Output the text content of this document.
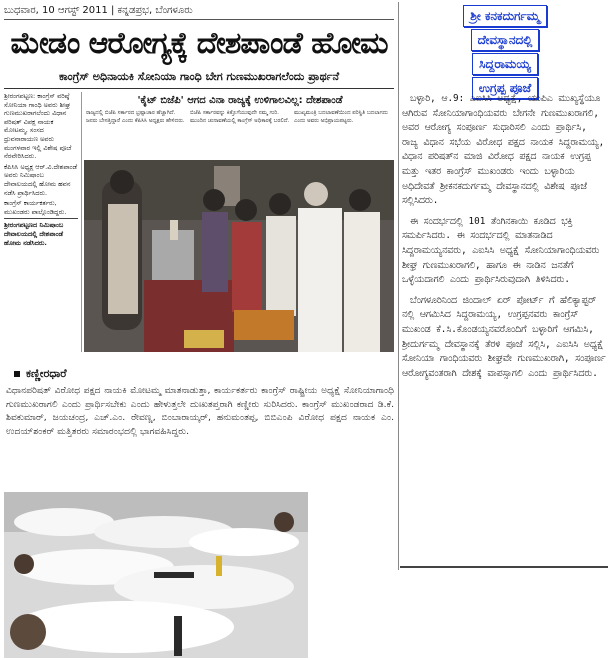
ಬುಧವಾರ, 10 ಆಗಸ್ಟ್ 2011 | ಕನ್ನಡಪ್ರಭ, ಬೆಂಗಳೂರು
ಮೇಡಂ ಆರೋಗ್ಯಕ್ಕೆ ದೇಶಪಾಂಡೆ ಹೋಮ
ಕಾಂಗ್ರೆಸ್ ಅಧಿನಾಯಕಿ ಸೋನಿಯಾ ಗಾಂಧಿ ಬೇಗ ಗುಣಮುಖರಾಗಲೆಂದು ಪ್ರಾರ್ಥನೆ

ಶ್ರೀರಂಗಪಟ್ಟಣ: ಕಾಂಗ್ರೆಸ್ ವರಿಷ್ಠೆ ಸೋನಿಯಾ ಗಾಂಧಿ ಅವರು ಶೀಘ್ರ ಗುಣಮುಖರಾಗಲೆಂದು ವಿಧಾನ ಪರಿಷತ್ ವಿಪಕ್ಷ ನಾಯಕ ಮೋಟಮ್ಮ, ಸಂಸದ ಧ್ರುವನಾರಾಯಣ ಅವರು ಮಂಗಳವಾರ ಇಲ್ಲಿ ವಿಶೇಷ ಪೂಜೆ ನೆರವೇರಿಸಿದರು.

ಕೆಪಿಸಿಸಿ ಅಧ್ಯಕ್ಷ ಆರ್.ವಿ.ದೇಶಪಾಂಡೆ ಅವರು ನಿಮಿಷಾಂಬ ದೇವಾಲಯದಲ್ಲಿ ಹೋಮ ಹವನ ನಡೆಸಿ ಪ್ರಾರ್ಥಿಸಿದರು.

ಕಾಂಗ್ರೆಸ್ ಕಾರ್ಯಕರ್ತರು, ಮುಖಂಡರು ಪಾಲ್ಗೊಂಡಿದ್ದರು.

ಶ್ರೀರಂಗಪಟ್ಟಣದ ನಿಮಿಷಾಂಬ ದೇವಾಲಯದಲ್ಲಿ ದೇಶಪಾಂಡೆ ಹೋಮ ನಡೆಸಿದರು.

'ಕೈಟ್ ಬಿಜೆಪಿ' ಆಗದ ವಿನಾ ರಾಜ್ಯಕ್ಕೆ ಉಳಿಗಾಲವಿಲ್ಲ: ದೇಶಪಾಂಡೆ
ರಾಜ್ಯದಲ್ಲಿ ಬಿಜೆಪಿ ಸರ್ಕಾರದ ಭ್ರಷ್ಟಾಚಾರ ಹೆಚ್ಚಾಗಿದೆ. ಜನರು ಬೇಸತ್ತಿದ್ದಾರೆ ಎಂದು ಕೆಪಿಸಿಸಿ ಅಧ್ಯಕ್ಷರು ಹೇಳಿದರು.
ಬಿಜೆಪಿ ಸರ್ಕಾರವನ್ನು ಕಿತ್ತೊಗೆಯುವುದೇ ನಮ್ಮ ಗುರಿ. ಮುಂದಿನ ಚುನಾವಣೆಯಲ್ಲಿ ಕಾಂಗ್ರೆಸ್ ಅಧಿಕಾರಕ್ಕೆ ಬರಲಿದೆ.
ಮುಖ್ಯಮಂತ್ರಿ ಬದಲಾವಣೆಯಿಂದ ಪರಿಸ್ಥಿತಿ ಬದಲಾಗದು ಎಂದು ಅವರು ಅಭಿಪ್ರಾಯಪಟ್ಟರು.
ಕಣ್ಣೀರಧಾರೆ
ವಿಧಾನಪರಿಷತ್ ವಿರೋಧ ಪಕ್ಷದ ನಾಯಕಿ ಮೋಟಮ್ಮ ಮಾತನಾಡುತ್ತಾ, ಕಾರ್ಯಕರ್ತರು ಕಾಂಗ್ರೆಸ್ ರಾಷ್ಟ್ರೀಯ ಅಧ್ಯಕ್ಷೆ ಸೋನಿಯಾಗಾಂಧಿ ಗುಣಮುಖರಾಗಲಿ ಎಂದು ಪ್ರಾರ್ಥಿಸಬೇಕು ಎಂದು ಹೇಳುತ್ತಲೇ ದುಃಖತಪ್ತರಾಗಿ ಕಣ್ಣೀರು ಸುರಿಸಿದರು. ಕಾಂಗ್ರೆಸ್ ಮುಖಂಡರಾದ ಡಿ.ಕೆ. ಶಿವಕುಮಾರ್, ಜಯಚಂದ್ರ, ಎಚ್.ಎಂ. ರೇವಣ್ಣ, ಬಿಂಬಾರಾಯ್ಕರ್, ಹನುಮಂತಪ್ಪ, ಬಿಬಿಎಂಪಿ ವಿರೋಧ ಪಕ್ಷದ ನಾಯಕ ಎಂ. ಉದಯ್‌ಶಂಕರ್ ಮತ್ತಿತರರು ಸಮಾರಂಭದಲ್ಲಿ ಭಾಗವಹಿಸಿದ್ದರು.
ಶ್ರೀ ಕನಕದುರ್ಗಮ್ಮ
ದೇವಸ್ಥಾನದಲ್ಲಿ
ಸಿದ್ದರಾಮಯ್ಯ
ಉಗ್ರಪ್ಪ ಪೂಜೆ

ಬಳ್ಳಾರಿ, ಆ.9: ಎಐಸಿಸಿ ಅಧ್ಯಕ್ಷೆ, ಯುಪಿಎ ಮುಖ್ಯಸ್ಥೆಯೂ ಆಗಿರುವ ಸೋನಿಯಾಗಾಂಧಿಯವರು ಬೇಗನೇ ಗುಣಮುಖರಾಗಲಿ, ಅವರ ಆರೋಗ್ಯ ಸಂಪೂರ್ಣ ಸುಧಾರಿಸಲಿ ಎಂದು ಪ್ರಾರ್ಥಿಸಿ, ರಾಜ್ಯ ವಿಧಾನ ಸಭೆಯ ವಿರೋಧ ಪಕ್ಷದ ನಾಯಕ ಸಿದ್ದರಾಮಯ್ಯ, ವಿಧಾನ ಪರಿಷತ್‌ನ ಮಾಜಿ ವಿರೋಧ ಪಕ್ಷದ ನಾಯಕ ಉಗ್ರಪ್ಪ ಮತ್ತು ಇತರ ಕಾಂಗ್ರೆಸ್ ಮುಖಂಡರು ಇಂದು ಬಳ್ಳಾರಿಯ ಅಧಿದೇವತೆ ಶ್ರೀಕನಕದುರ್ಗಮ್ಮ ದೇವಸ್ಥಾನದಲ್ಲಿ ವಿಶೇಷ ಪೂಜೆ ಸಲ್ಲಿಸಿದರು.

ಈ ಸಂದರ್ಭದಲ್ಲಿ 101 ತೆಂಗಿನಕಾಯಿ ಕೂಡಿದ ಭಕ್ತಿ ಸಮರ್ಪಿಸಿದರು. ಈ ಸಂದರ್ಭದಲ್ಲಿ ಮಾತನಾಡಿದ ಸಿದ್ದರಾಮಯ್ಯನವರು, ಎಐಸಿಸಿ ಅಧ್ಯಕ್ಷೆ ಸೋನಿಯಾಗಾಂಧಿಯವರು ಶೀಘ್ರ ಗುಣಮುಖರಾಗಲಿ, ಹಾಗೂ ಈ ನಾಡಿನ ಜನತೆಗೆ ಒಳ್ಳೆಯದಾಗಲಿ ಎಂದು ಪ್ರಾರ್ಥಿಸಿರುವುದಾಗಿ ತಿಳಿಸಿದರು.

ಬೆಂಗಳೂರಿನಿಂದ ಜಿಂದಾಲ್ ಏರ್ ಪೋರ್ಟ್ ಗೆ ಹೆಲಿಕ್ಯಾಪ್ಟರ್ ನಲ್ಲಿ ಆಗಮಿಸಿದ ಸಿದ್ದರಾಮಯ್ಯ, ಉಗ್ರಪ್ಪನವರು ಕಾಂಗ್ರೆಸ್ ಮುಖಂಡ ಕೆ.ಸಿ.ಕೊಂಡಯ್ಯನವರೊಂದಿಗೆ ಬಳ್ಳಾರಿಗೆ ಆಗಮಿಸಿ, ಶ್ರೀದುರ್ಗಮ್ಮ ದೇವಸ್ಥಾನಕ್ಕೆ ತೆರಳಿ ಪೂಜೆ ಸಲ್ಲಿಸಿ, ಎಐಸಿಸಿ ಅಧ್ಯಕ್ಷೆ ಸೋನಿಯಾ ಗಾಂಧಿಯವರು ಶೀಘ್ರವೇ ಗುಣಮುಖರಾಗಿ, ಸಂಪೂರ್ಣ ಆರೋಗ್ಯವಂತರಾಗಿ ದೇಶಕ್ಕೆ ವಾಪಸ್ಸಾಗಲಿ ಎಂದು ಪ್ರಾರ್ಥಿಸಿದರು.
